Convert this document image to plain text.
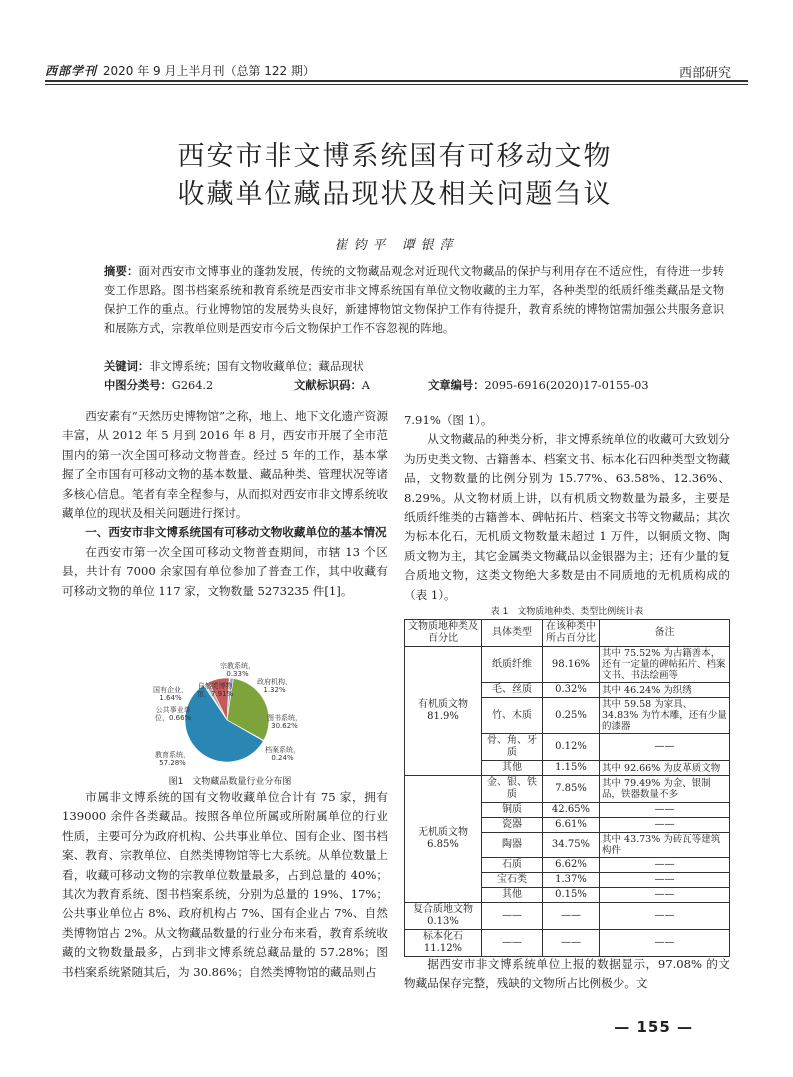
西部学刊 2020 年 9 月上半月刊（总第 122 期）	西部研究
西安市非文博系统国有可移动文物
收藏单位藏品现状及相关问题刍议
崔钧平 谭银萍
摘要：面对西安市文博事业的蓬勃发展，传统的文物藏品观念对近现代文物藏品的保护与利用存在不适应性，有待进一步转变工作思路。图书档案系统和教育系统是西安市非文博系统国有单位文物收藏的主力军，各种类型的纸质纤维类藏品是文物保护工作的重点。行业博物馆的发展势头良好，新建博物馆文物保护工作有待提升，教育系统的博物馆需加强公共服务意识和展陈方式，宗教单位则是西安市今后文物保护工作不容忽视的阵地。
关键词：非文博系统；国有文物收藏单位；藏品现状
中图分类号：G264.2	文献标识码：A	文章编号：2095-6916(2020)17-0155-03

西安素有“天然历史博物馆”之称，地上、地下文化遗产资源丰富，从 2012 年 5 月到 2016 年 8 月，西安市开展了全市范围内的第一次全国可移动文物普查。经过 5 年的工作，基本掌握了全市国有可移动文物的基本数量、藏品种类、管理状况等诸多核心信息。笔者有幸全程参与，从而拟对西安市非文博系统收藏单位的现状及相关问题进行探讨。

一、西安市非文博系统国有可移动文物收藏单位的基本情况

在西安市第一次全国可移动文物普查期间，市辖 13 个区县，共计有 7000 余家国有单位参加了普查工作，其中收藏有可移动文物的单位 117 家，文物数量 5273235 件[1]。

宗教系统，
0.33%
政府机构，
1.32%
自然类博物
馆，7.91%
国有企业，
1.64%
公共事业单
位，0.66%	图书系统，
30.62%
档案系统，
0.24%
教育系统，
57.28%
图1　文物藏品数量行业分布图

市属非文博系统的国有文物收藏单位合计有 75 家，拥有 139000 余件各类藏品。按照各单位所属或所附属单位的行业性质，主要可分为政府机构、公共事业单位、国有企业、图书档案、教育、宗教单位、自然类博物馆等七大系统。从单位数量上看，收藏可移动文物的宗教单位数量最多，占到总量的 40%；其次为教育系统、图书档案系统，分别为总量的 19%、17%；公共事业单位占 8%、政府机构占 7%、国有企业占 7%、自然类博物馆占 2%。从文物藏品数量的行业分布来看，教育系统收藏的文物数量最多，占到非文博系统总藏品量的 57.28%；图书档案系统紧随其后，为 30.86%；自然类博物馆的藏品则占

7.91%（图 1）。

从文物藏品的种类分析，非文博系统单位的收藏可大致划分为历史类文物、古籍善本、档案文书、标本化石四种类型文物藏品，文物数量的比例分别为 15.77%、63.58%、12.36%、8.29%。从文物材质上讲，以有机质文物数量为最多，主要是纸质纤维类的古籍善本、碑帖拓片、档案文书等文物藏品；其次为标本化石，无机质文物数量未超过 1 万件，以铜质文物、陶质文物为主，其它金属类文物藏品以金银器为主；还有少量的复合质地文物，这类文物绝大多数是由不同质地的无机质构成的（表 1）。

表 1　文物质地种类、类型比例统计表
文物质地种类及百分比	具体类型	在该种类中所占百分比	备注
有机质文物
81.9%	纸质纤维	98.16%	其中 75.52% 为古籍善本，还有一定量的碑帖拓片、档案文书、书法绘画等
	毛、丝质	0.32%	其中 46.24% 为织绣
	竹、木质	0.25%	其中 59.58 为家具、34.83% 为竹木雕，还有少量的漆器
	骨、角、牙质	0.12%	——
	其他	1.15%	其中 92.66% 为皮革质文物
无机质文物
6.85%	金、银、铁质	7.85%	其中 79.49% 为金、银制品，铁器数量不多
	铜质	42.65%	——
	瓷器	6.61%	——
	陶器	34.75%	其中 43.73% 为砖瓦等建筑构件
	石质	6.62%	——
	宝石类	1.37%	——
	其他	0.15%	——
复合质地文物
0.13%	——	——	——
标本化石
11.12%	——	——	——

据西安市非文博系统单位上报的数据显示，97.08% 的文物藏品保存完整，残缺的文物所占比例极少。文

— 155 —
